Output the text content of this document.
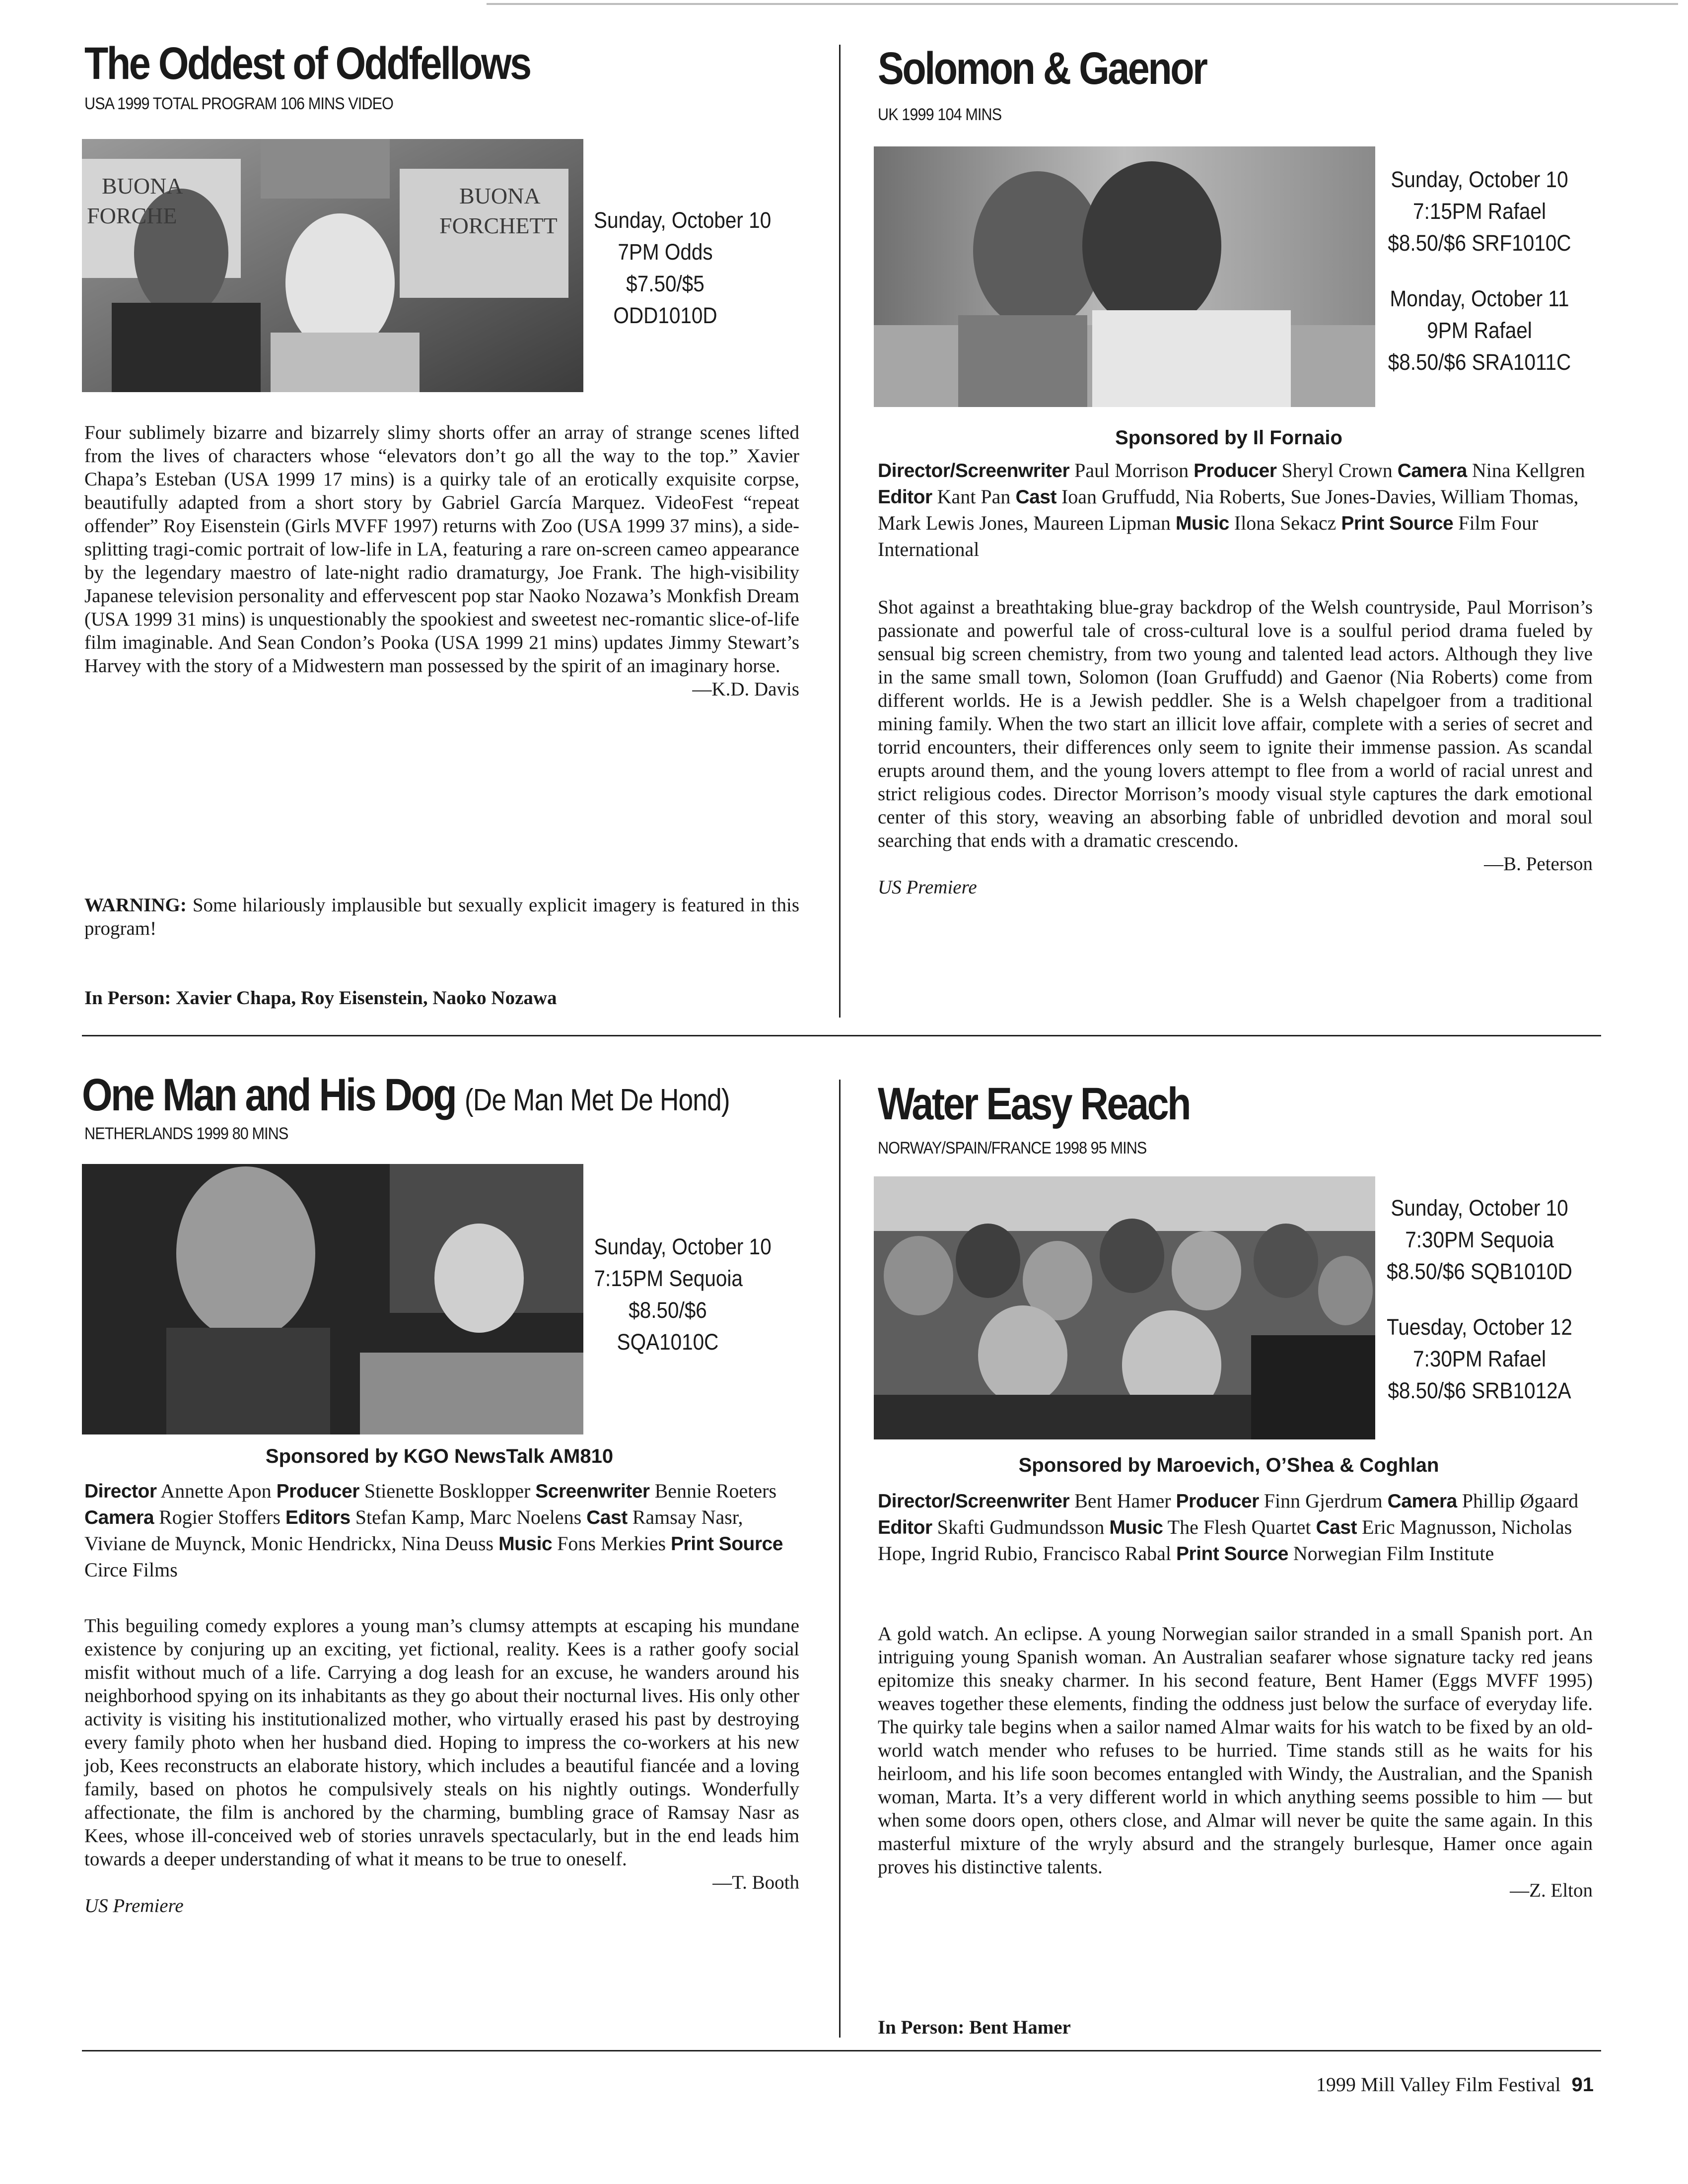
The Oddest of Oddfellows
USA 1999 TOTAL PROGRAM 106 MINS VIDEO
BUONA
FORCHE
BUONA
FORCHETT Sunday, October 10
7PM Odds
$7.50/$5
ODD1010D
Four sublimely bizarre and bizarrely slimy shorts offer an array of strange scenes lifted from the lives of characters whose “elevators don’t go all the way to the top.” Xavier Chapa’s Esteban (USA 1999 17 mins) is a quirky tale of an erotically exquisite corpse, beautifully adapted from a short story by Gabriel García Marquez. VideoFest “repeat offender” Roy Eisenstein (Girls MVFF 1997) returns with Zoo (USA 1999 37 mins), a side-splitting tragi-comic portrait of low-life in LA, featuring a rare on-screen cameo appearance by the legendary maestro of late-night radio dramaturgy, Joe Frank. The high-visibility Japanese television personality and effervescent pop star Naoko Nozawa’s Monkfish Dream (USA 1999 31 mins) is unquestionably the spookiest and sweetest nec-romantic slice-of-life film imaginable. And Sean Condon’s Pooka (USA 1999 21 mins) updates Jimmy Stewart’s Harvey with the story of a Midwestern man possessed by the spirit of an imaginary horse.
—K.D. Davis
WARNING: Some hilariously implausible but sexually explicit imagery is featured in this program!
In Person: Xavier Chapa, Roy Eisenstein, Naoko Nozawa
Solomon & Gaenor
UK 1999 104 MINS
Sunday, October 10
7:15PM Rafael
$8.50/$6 SRF1010C
Monday, October 11
9PM Rafael
$8.50/$6 SRA1011C
Sponsored by Il Fornaio
Director/Screenwriter Paul Morrison Producer Sheryl Crown Camera Nina Kellgren Editor Kant Pan Cast Ioan Gruffudd, Nia Roberts, Sue Jones-Davies, William Thomas, Mark Lewis Jones, Maureen Lipman Music Ilona Sekacz Print Source Film Four International
Shot against a breathtaking blue-gray backdrop of the Welsh countryside, Paul Morrison’s passionate and powerful tale of cross-cultural love is a soulful period drama fueled by sensual big screen chemistry, from two young and talented lead actors. Although they live in the same small town, Solomon (Ioan Gruffudd) and Gaenor (Nia Roberts) come from different worlds. He is a Jewish peddler. She is a Welsh chapelgoer from a traditional mining family. When the two start an illicit love affair, complete with a series of secret and torrid encounters, their differences only seem to ignite their immense passion. As scandal erupts around them, and the young lovers attempt to flee from a world of racial unrest and strict religious codes. Director Morrison’s moody visual style captures the dark emotional center of this story, weaving an absorbing fable of unbridled devotion and moral soul searching that ends with a dramatic crescendo.
—B. Peterson
US Premiere
One Man and His Dog (De Man Met De Hond)
NETHERLANDS 1999 80 MINS
Sunday, October 10
7:15PM Sequoia
$8.50/$6
SQA1010C
Sponsored by KGO NewsTalk AM810
Director Annette Apon Producer Stienette Bosklopper Screenwriter Bennie Roeters Camera Rogier Stoffers Editors Stefan Kamp, Marc Noelens Cast Ramsay Nasr, Viviane de Muynck, Monic Hendrickx, Nina Deuss Music Fons Merkies Print Source Circe Films
This beguiling comedy explores a young man’s clumsy attempts at escaping his mundane existence by conjuring up an exciting, yet fictional, reality. Kees is a rather goofy social misfit without much of a life. Carrying a dog leash for an excuse, he wanders around his neighborhood spying on its inhabitants as they go about their nocturnal lives. His only other activity is visiting his institutionalized mother, who virtually erased his past by destroying every family photo when her husband died. Hoping to impress the co-workers at his new job, Kees reconstructs an elaborate history, which includes a beautiful fiancée and a loving family, based on photos he compulsively steals on his nightly outings. Wonderfully affectionate, the film is anchored by the charming, bumbling grace of Ramsay Nasr as Kees, whose ill-conceived web of stories unravels spectacularly, but in the end leads him towards a deeper understanding of what it means to be true to oneself.
—T. Booth
US Premiere
Water Easy Reach
NORWAY/SPAIN/FRANCE 1998 95 MINS
Sunday, October 10
7:30PM Sequoia
$8.50/$6 SQB1010D
Tuesday, October 12
7:30PM Rafael
$8.50/$6 SRB1012A
Sponsored by Maroevich, O’Shea & Coghlan
Director/Screenwriter Bent Hamer Producer Finn Gjerdrum Camera Phillip Øgaard Editor Skafti Gudmundsson Music The Flesh Quartet Cast Eric Magnusson, Nicholas Hope, Ingrid Rubio, Francisco Rabal Print Source Norwegian Film Institute
A gold watch. An eclipse. A young Norwegian sailor stranded in a small Spanish port. An intriguing young Spanish woman. An Australian seafarer whose signature tacky red jeans epitomize this sneaky charmer. In his second feature, Bent Hamer (Eggs MVFF 1995) weaves together these elements, finding the oddness just below the surface of everyday life. The quirky tale begins when a sailor named Almar waits for his watch to be fixed by an old-world watch mender who refuses to be hurried. Time stands still as he waits for his heirloom, and his life soon becomes entangled with Windy, the Australian, and the Spanish woman, Marta. It’s a very different world in which anything seems possible to him — but when some doors open, others close, and Almar will never be quite the same again. In this masterful mixture of the wryly absurd and the strangely burlesque, Hamer once again proves his distinctive talents.
—Z. Elton
In Person: Bent Hamer
1999 Mill Valley Film Festival 91
